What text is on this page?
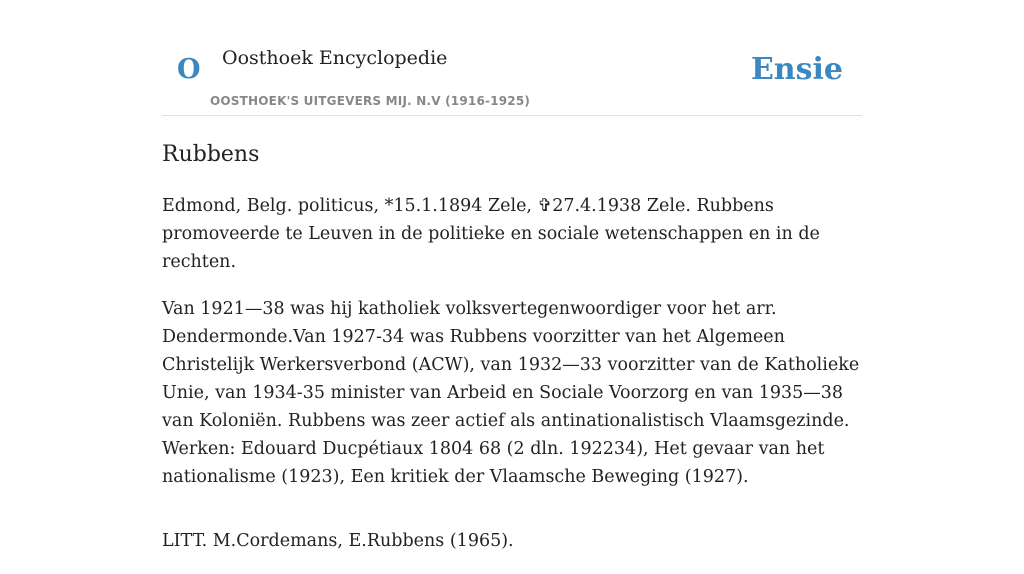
O Oosthoek Encyclopedie
OOSTHOEK'S UITGEVERS MIJ. N.V (1916-1925)
Ensie
Rubbens

Edmond, Belg. politicus, *15.1.1894 Zele, ✞27.4.1938 Zele. Rubbens promoveerde te Leuven in de politieke en sociale wetenschappen en in de rechten.

Van 1921—38 was hij katholiek volksvertegenwoordiger voor het arr. Dendermonde.Van 1927-34 was Rubbens voorzitter van het Algemeen Christelijk Werkersverbond (ACW), van 1932—33 voorzitter van de Katholieke Unie, van 1934-35 minister van Arbeid en Sociale Voorzorg en van 1935—38 van Koloniën. Rubbens was zeer actief als antinationalistisch Vlaamsgezinde. Werken: Edouard Ducpétiaux 1804 68 (2 dln. 192234), Het gevaar van het nationalisme (1923), Een kritiek der Vlaamsche Beweging (1927).

LITT. M.Cordemans, E.Rubbens (1965).
